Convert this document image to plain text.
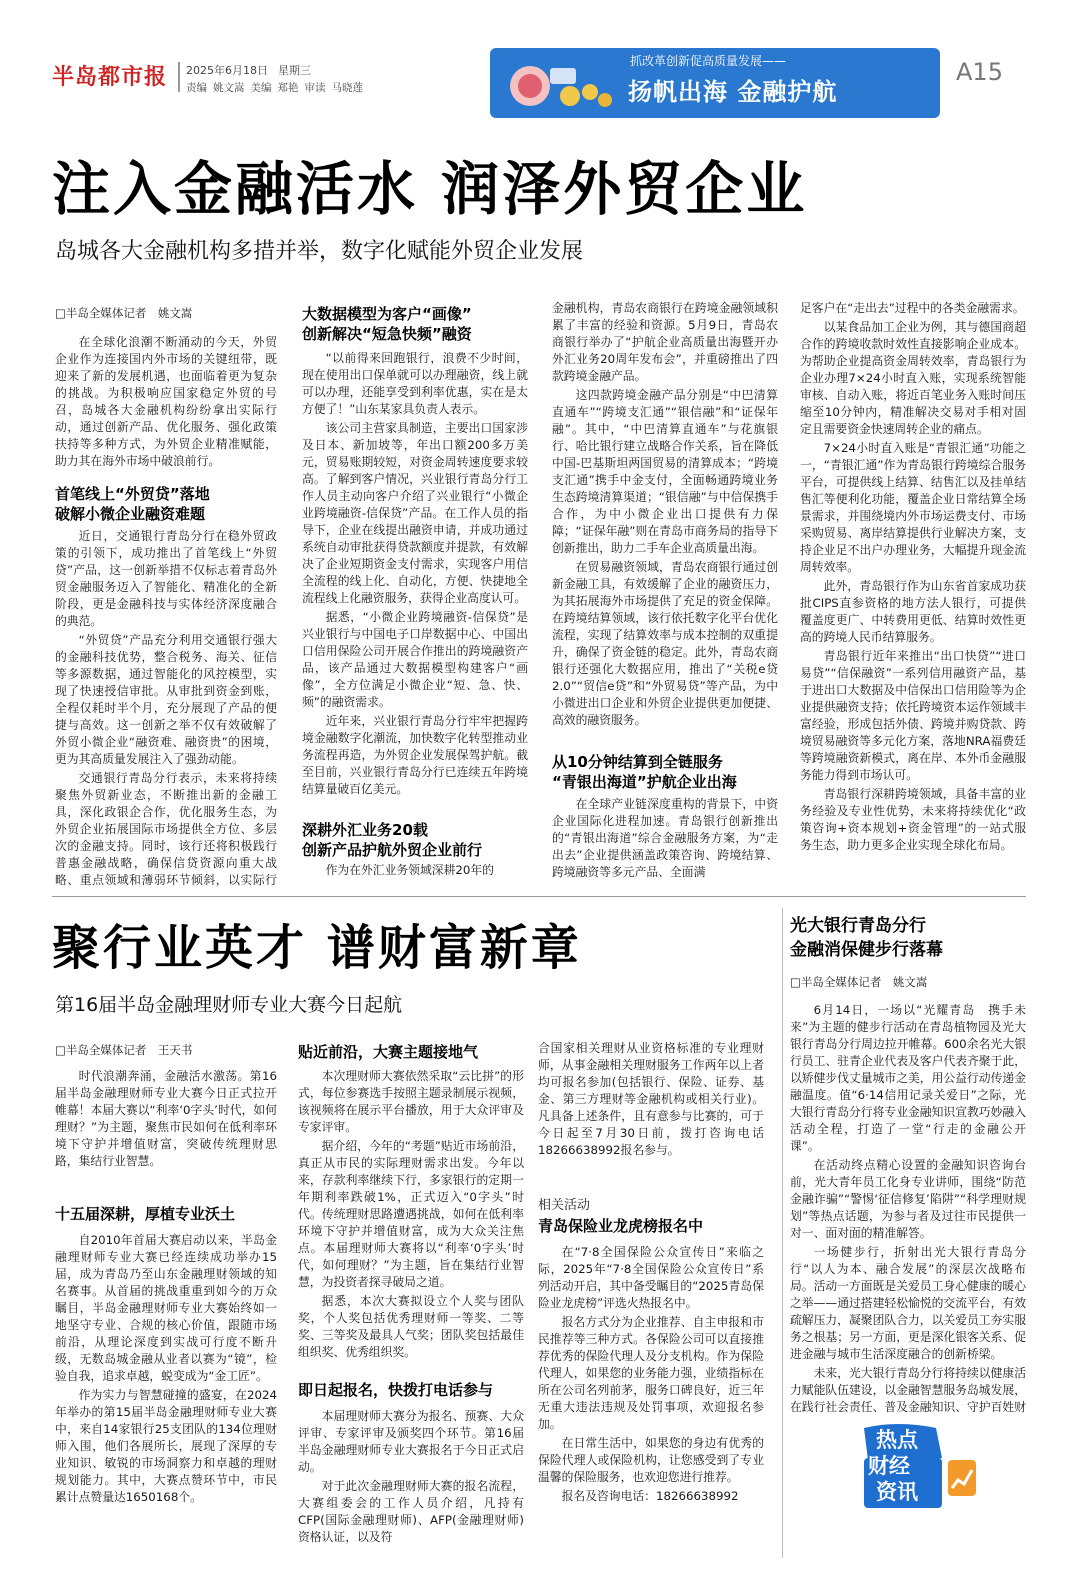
半岛都市报 2025年6月18日 星期三
责编 姚文嵩 美编 郑艳 审读 马晓莲
抓改革创新促高质量发展——
扬帆出海 金融护航
A15
注入金融活水 润泽外贸企业
岛城各大金融机构多措并举，数字化赋能外贸企业发展
□半岛全媒体记者　姚文嵩

在全球化浪潮不断涌动的今天，外贸企业作为连接国内外市场的关键纽带，既迎来了新的发展机遇，也面临着更为复杂的挑战。为积极响应国家稳定外贸的号召，岛城各大金融机构纷纷拿出实际行动，通过创新产品、优化服务、强化政策扶持等多种方式，为外贸企业精准赋能，助力其在海外市场中破浪前行。

首笔线上“外贸贷”落地
破解小微企业融资难题

近日，交通银行青岛分行在稳外贸政策的引领下，成功推出了首笔线上“外贸贷”产品，这一创新举措不仅标志着青岛外贸金融服务迈入了智能化、精准化的全新阶段，更是金融科技与实体经济深度融合的典范。

“外贸贷”产品充分利用交通银行强大的金融科技优势，整合税务、海关、征信等多源数据，通过智能化的风控模型，实现了快速授信审批。从审批到资金到账，全程仅耗时半个月，充分展现了产品的便捷与高效。这一创新之举不仅有效破解了外贸小微企业“融资难、融资贵”的困境，更为其高质量发展注入了强劲动能。

交通银行青岛分行表示，未来将持续聚焦外贸新业态，不断推出新的金融工具，深化政银企合作，优化服务生态，为外贸企业拓展国际市场提供全方位、多层次的金融支持。同时，该行还将积极践行普惠金融战略，确保信贷资源向重大战略、重点领域和薄弱环节倾斜，以实际行

大数据模型为客户“画像”
创新解决“短急快频”融资

“以前得来回跑银行，浪费不少时间，现在使用出口保单就可以办理融资，线上就可以办理，还能享受到利率优惠，实在是太方便了！”山东某家具负责人表示。

该公司主营家具制造，主要出口国家涉及日本、新加坡等，年出口额200多万美元，贸易账期较短，对资金周转速度要求较高。了解到客户情况，兴业银行青岛分行工作人员主动向客户介绍了兴业银行“小微企业跨境融资-信保贷”产品。在工作人员的指导下，企业在线提出融资申请，并成功通过系统自动审批获得贷款额度并提款，有效解决了企业短期资金支付需求，实现客户用信全流程的线上化、自动化，方便、快捷地全流程线上化融资服务，获得企业高度认可。

据悉，“小微企业跨境融资-信保贷”是兴业银行与中国电子口岸数据中心、中国出口信用保险公司开展合作推出的跨境融资产品，该产品通过大数据模型构建客户“画像”，全方位满足小微企业“短、急、快、频”的融资需求。

近年来，兴业银行青岛分行牢牢把握跨境金融数字化潮流，加快数字化转型推动业务流程再造，为外贸企业发展保驾护航。截至目前，兴业银行青岛分行已连续五年跨境结算量破百亿美元。

深耕外汇业务20载
创新产品护航外贸企业前行

作为在外汇业务领域深耕20年的

金融机构，青岛农商银行在跨境金融领域积累了丰富的经验和资源。5月9日，青岛农商银行举办了“护航企业高质量出海暨开办外汇业务20周年发布会”，并重磅推出了四款跨境金融产品。

这四款跨境金融产品分别是“中巴清算直通车”“跨境支汇通”“银信融”和“证保年融”。其中，“中巴清算直通车”与花旗银行、哈比银行建立战略合作关系，旨在降低中国-巴基斯坦两国贸易的清算成本；“跨境支汇通”携手中金支付，全面畅通跨境业务生态跨境清算渠道；“银信融”与中信保携手合作，为中小微企业出口提供有力保障；“证保年融”则在青岛市商务局的指导下创新推出，助力二手车企业高质量出海。

在贸易融资领域，青岛农商银行通过创新金融工具，有效缓解了企业的融资压力，为其拓展海外市场提供了充足的资金保障。在跨境结算领域，该行依托数字化平台优化流程，实现了结算效率与成本控制的双重提升，确保了资金链的稳定。此外，青岛农商银行还强化大数据应用，推出了“关税e贷2.0”“贸信e贷”和“外贸易贷”等产品，为中小微进出口企业和外贸企业提供更加便捷、高效的融资服务。

从10分钟结算到全链服务
“青银出海道”护航企业出海

在全球产业链深度重构的背景下，中资企业国际化进程加速。青岛银行创新推出的“青银出海道”综合金融服务方案，为“走出去”企业提供涵盖政策咨询、跨境结算、跨境融资等多元产品、全面满

足客户在“走出去”过程中的各类金融需求。

以某食品加工企业为例，其与德国商超合作的跨境收款时效性直接影响企业成本。为帮助企业提高资金周转效率，青岛银行为企业办理7×24小时直入账，实现系统智能审核、自动入账，将近百笔业务入账时间压缩至10分钟内，精准解决交易对手相对固定且需要资金快速周转企业的痛点。

7×24小时直入账是“青银汇通”功能之一，“青银汇通”作为青岛银行跨境综合服务平台，可提供线上结算、结售汇以及挂单结售汇等便利化功能，覆盖企业日常结算全场景需求，并围绕境内外市场运费支付、市场采购贸易、离岸结算提供行业解决方案，支持企业足不出户办理业务，大幅提升现金流周转效率。

此外，青岛银行作为山东省首家成功获批CIPS直参资格的地方法人银行，可提供覆盖度更广、中转费用更低、结算时效性更高的跨境人民币结算服务。

青岛银行近年来推出“出口快贷”“进口易贷”“信保融资”一系列信用融资产品，基于进出口大数据及中信保出口信用险等为企业提供融资支持；依托跨境资本运作领域丰富经验，形成包括外债、跨境并购贷款、跨境贸易融资等多元化方案，落地NRA福费廷等跨境融资新模式，离在岸、本外币金融服务能力得到市场认可。

青岛银行深耕跨境领域，具备丰富的业务经验及专业性优势，未来将持续优化“政策咨询+资本规划+资金管理”的一站式服务生态，助力更多企业实现全球化布局。

聚行业英才 谱财富新章
第16届半岛金融理财师专业大赛今日起航
□半岛全媒体记者　王天书

时代浪潮奔涌，金融活水激荡。第16届半岛金融理财师专业大赛今日正式拉开帷幕！本届大赛以“利率‘0字头’时代，如何理财？”为主题，聚焦市民如何在低利率环境下守护并增值财富，突破传统理财思路，集结行业智慧。

十五届深耕，厚植专业沃土

自2010年首届大赛启动以来，半岛金融理财师专业大赛已经连续成功举办15届，成为青岛乃至山东金融理财领域的知名赛事。从首届的挑战重重到如今的万众瞩目，半岛金融理财师专业大赛始终如一地坚守专业、合规的核心价值，跟随市场前沿，从理论深度到实战可行度不断升级，无数岛城金融从业者以赛为“镜”，检验自我，追求卓越，蜕变成为“金工匠”。

作为实力与智慧碰撞的盛宴，在2024年举办的第15届半岛金融理财师专业大赛中，来自14家银行25支团队的134位理财师入围，他们各展所长，展现了深厚的专业知识、敏锐的市场洞察力和卓越的理财规划能力。其中，大赛点赞环节中，市民累计点赞量达1650168个。

贴近前沿，大赛主题接地气

本次理财师大赛依然采取“云比拼”的形式，每位参赛选手按照主题录制展示视频，该视频将在展示平台播放，用于大众评审及专家评审。

据介绍，今年的“考题”贴近市场前沿，真正从市民的实际理财需求出发。今年以来，存款利率继续下行，多家银行的定期一年期利率跌破1%，正式迈入“0字头”时代。传统理财思路遭遇挑战，如何在低利率环境下守护并增值财富，成为大众关注焦点。本届理财师大赛将以“利率‘0字头’时代，如何理财？”为主题，旨在集结行业智慧，为投资者探寻破局之道。

据悉，本次大赛拟设立个人奖与团队奖，个人奖包括优秀理财师一等奖、二等奖、三等奖及最具人气奖；团队奖包括最佳组织奖、优秀组织奖。

即日起报名，快拨打电话参与

本届理财师大赛分为报名、预赛、大众评审、专家评审及颁奖四个环节。第16届半岛金融理财师专业大赛报名于今日正式启动。

对于此次金融理财师大赛的报名流程，大赛组委会的工作人员介绍，凡持有CFP(国际金融理财师)、AFP(金融理财师)资格认证，以及符

合国家相关理财从业资格标准的专业理财师，从事金融相关理财服务工作两年以上者均可报名参加(包括银行、保险、证券、基金、第三方理财等金融机构或相关行业)。凡具备上述条件，且有意参与比赛的，可于今日起至7月30日前，拨打咨询电话18266638992报名参与。

相关活动
青岛保险业龙虎榜报名中

在“7·8全国保险公众宣传日”来临之际，2025年“7·8全国保险公众宣传日”系列活动开启，其中备受瞩目的“2025青岛保险业龙虎榜”评选火热报名中。

报名方式分为企业推荐、自主申报和市民推荐等三种方式。各保险公司可以直接推荐优秀的保险代理人及分支机构。作为保险代理人，如果您的业务能力强，业绩指标在所在公司名列前茅，服务口碑良好，近三年无重大违法违规及处罚事项，欢迎报名参加。

在日常生活中，如果您的身边有优秀的保险代理人或保险机构，让您感受到了专业温馨的保险服务，也欢迎您进行推荐。

报名及咨询电话：18266638992

光大银行青岛分行
金融消保健步行落幕
□半岛全媒体记者　姚文嵩

6月14日，一场以“光耀青岛　携手未来”为主题的健步行活动在青岛植物园及光大银行青岛分行周边拉开帷幕。600余名光大银行员工、驻青企业代表及客户代表齐聚于此，以矫健步伐丈量城市之美，用公益行动传递金融温度。值“6·14信用记录关爱日”之际，光大银行青岛分行将专业金融知识宣教巧妙融入活动全程，打造了一堂“行走的金融公开课”。

在活动终点精心设置的金融知识咨询台前，光大青年员工化身专业讲师，围绕“防范金融诈骗”“警惕‘征信修复’陷阱”“科学理财规划”等热点话题，为参与者及过往市民提供一对一、面对面的精准解答。

一场健步行，折射出光大银行青岛分行“以人为本、融合发展”的深层次战略布局。活动一方面既是关爱员工身心健康的暖心之举——通过搭建轻松愉悦的交流平台，有效疏解压力，凝聚团队合力，以关爱员工夯实服务之根基；另一方面，更是深化银客关系、促进金融与城市生活深度融合的创新桥梁。

未来，光大银行青岛分行将持续以健康活力赋能队伍建设，以金融智慧服务岛城发展，在践行社会责任、普及金融知识、守护百姓财

热点
财经
资讯
